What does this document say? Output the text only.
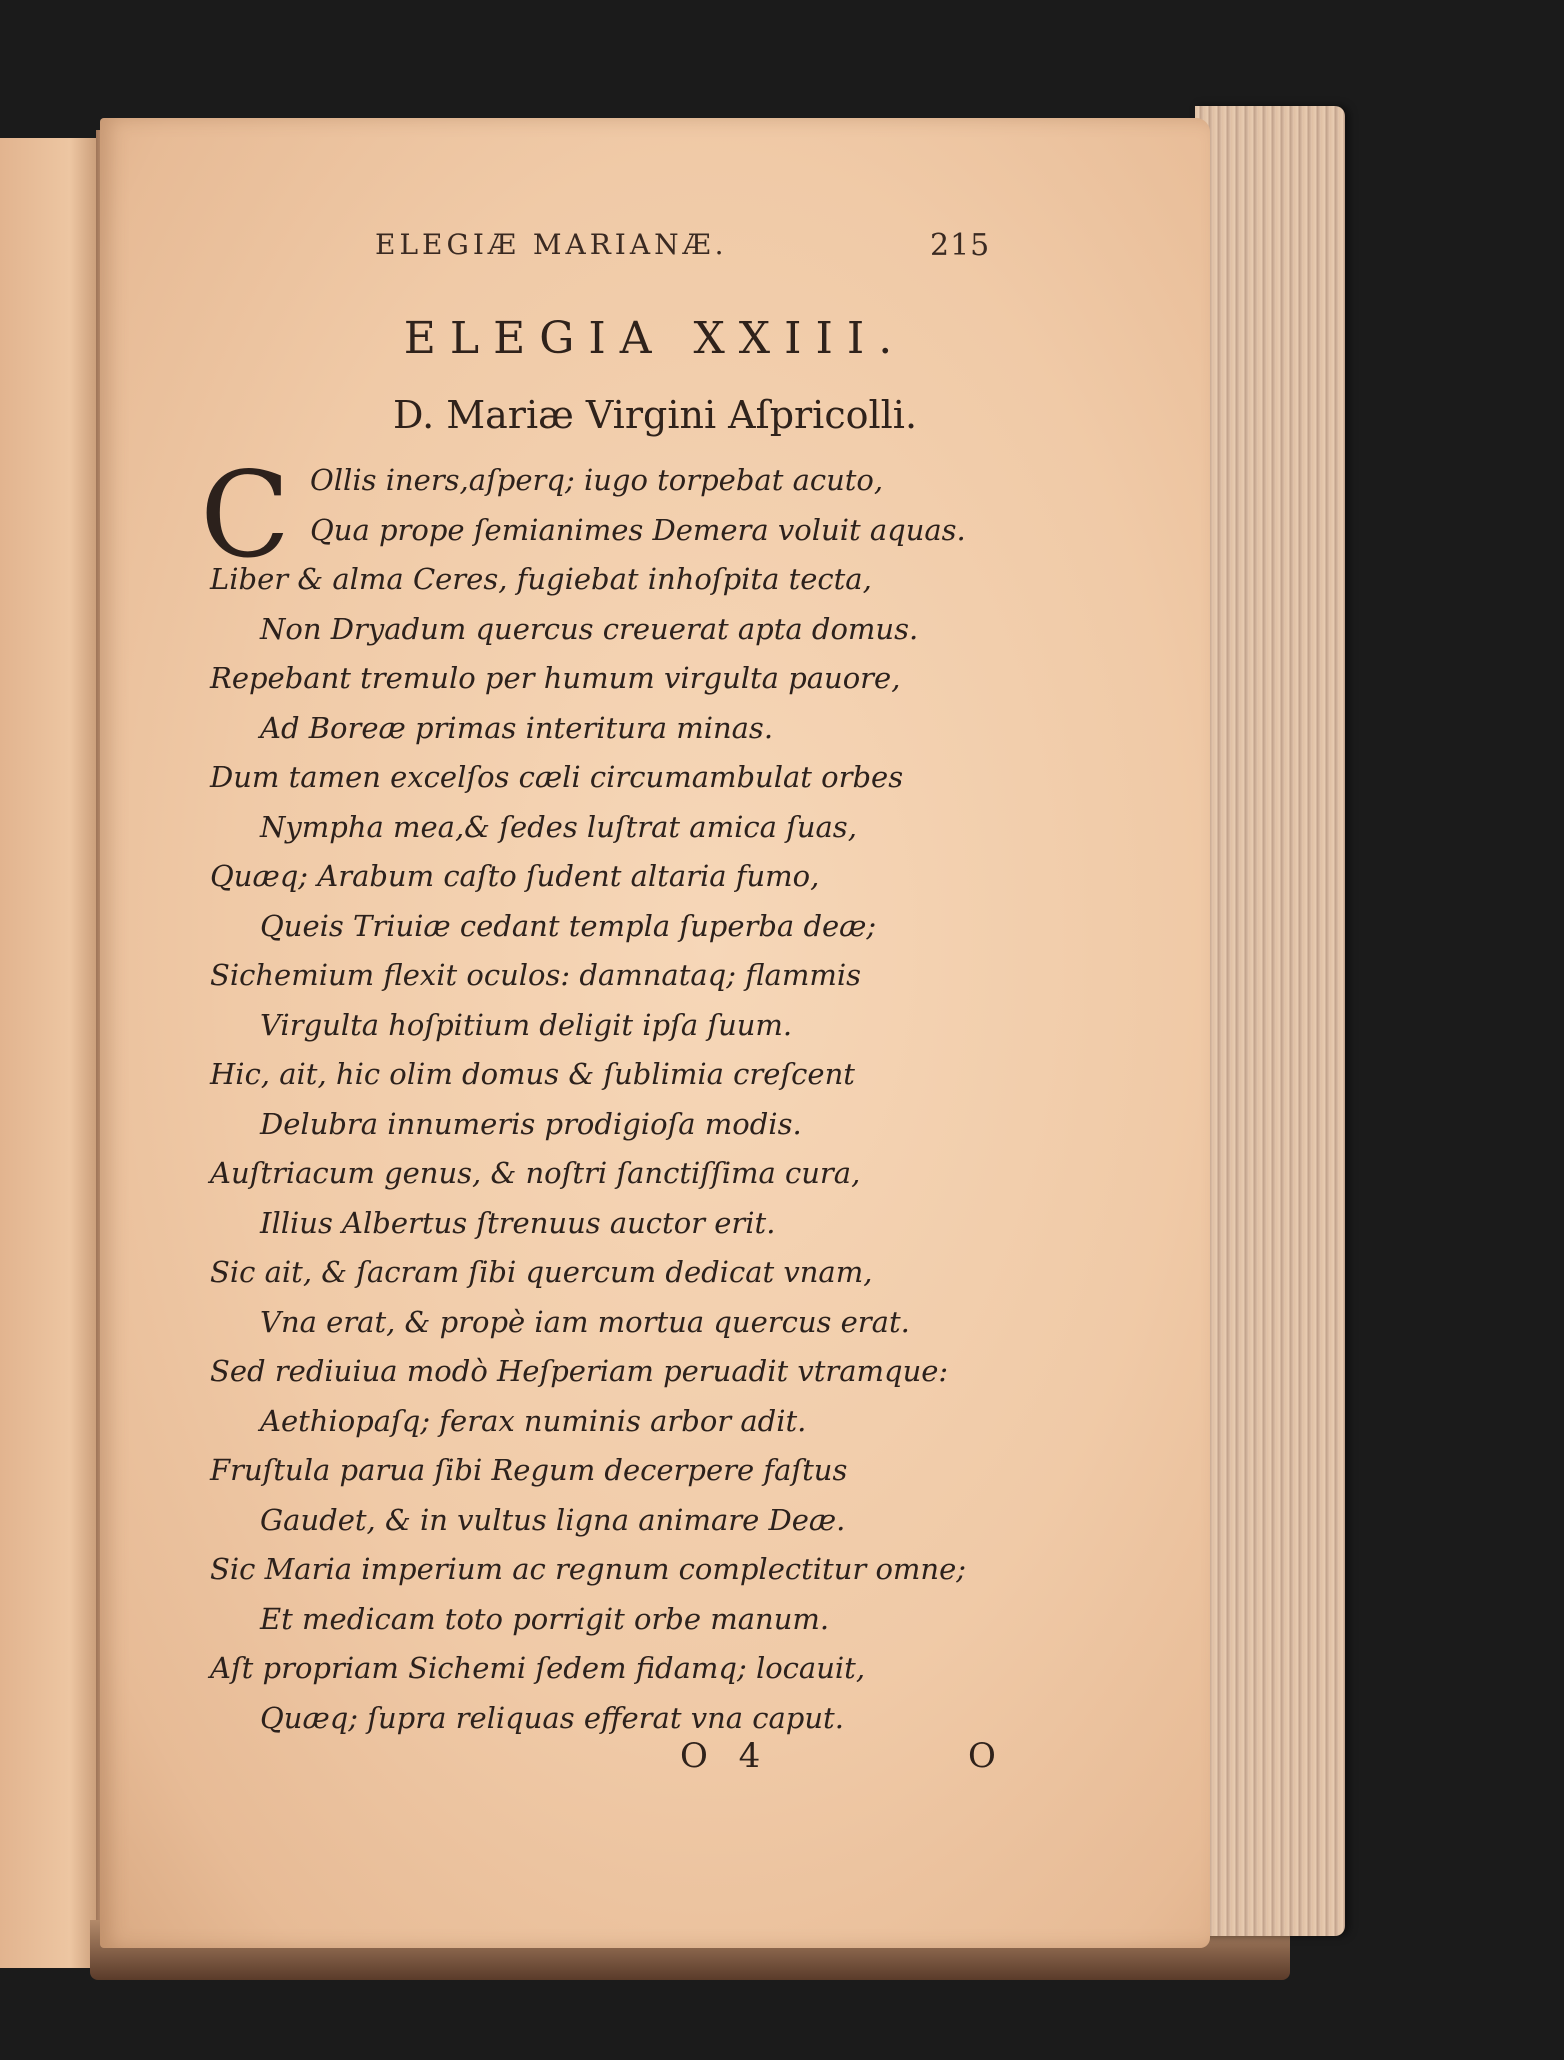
ELEGIÆ MARIANÆ.	215
ELEGIA XXIII.
D. Mariæ Virgini Aſpricolli.
C Ollis iners,aſperq; iugo torpebat acuto,
Qua prope ſemianimes Demera voluit aquas.
Liber & alma Ceres, fugiebat inhoſpita tecta,
Non Dryadum quercus creuerat apta domus.
Repebant tremulo per humum virgulta pauore,
Ad Boreæ primas interitura minas.
Dum tamen excelſos cæli circumambulat orbes
Nympha mea,& ſedes luſtrat amica ſuas,
Quæq; Arabum caſto ſudent altaria fumo,
Queis Triuiæ cedant templa ſuperba deæ;
Sichemium flexit oculos: damnataq; flammis
Virgulta hoſpitium deligit ipſa ſuum.
Hic, ait, hic olim domus & ſublimia creſcent
Delubra innumeris prodigioſa modis.
Auſtriacum genus, & noſtri ſanctiſſima cura,
Illius Albertus ſtrenuus auctor erit.
Sic ait, & ſacram ſibi quercum dedicat vnam,
Vna erat, & propè iam mortua quercus erat.
Sed rediuiua modò Heſperiam peruadit vtramque:
Aethiopaſq; ferax numinis arbor adit.
Fruſtula parua ſibi Regum decerpere faſtus
Gaudet, & in vultus ligna animare Deæ.
Sic Maria imperium ac regnum complectitur omne;
Et medicam toto porrigit orbe manum.
Aſt propriam Sichemi ſedem fidamq; locauit,
Quæq; ſupra reliquas efferat vna caput.
O 4	O
